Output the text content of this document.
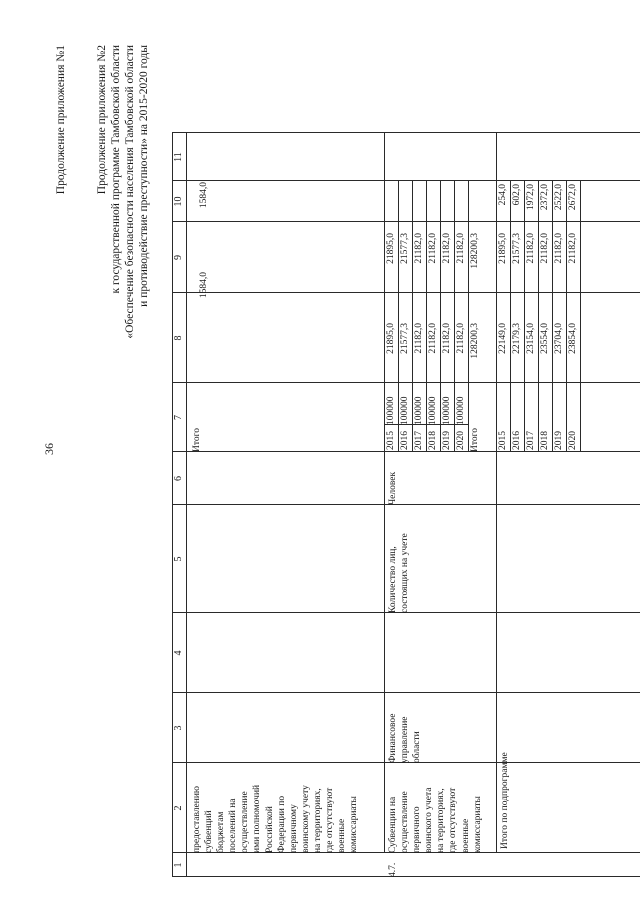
36
Продолжение приложения №1	Продолжение приложения №2 к государственной программе Тамбовской области «Обеспечение безопасности населения Тамбовской области и противодействие преступности» на 2015-2020 годы
1
2
3
4
5
6
7
8
9
10
11
предоставлению субвенций бюджетам поселений на осуществление ими полномочий Российской Федерации по первичному воинскому учету на территориях, где отсутствуют военные комиссариаты
Итого
1584,0
1584,0
4.7.
Субвенции на осуществление первичного воинского учета на территориях, где отсутствуют военные комиссариаты
Финансовое управление области
Количество лиц, состоящих на учете
Человек
2015
100000
21895,0
21895,0
2016
100000
21577,3
21577,3
2017
100000
21182,0
21182,0
2018
100000
21182,0
21182,0
2019
100000
21182,0
21182,0
2020
100000
21182,0
21182,0
Итого
128200,3
128200,3
Итого по подпрограмме
2015
22149,0
21895,0
254,0
2016
22179,3
21577,3
602,0
2017
23154,0
21182,0
1972,0
2018
23554,0
21182,0
2372,0
2019
23704,0
21182,0
2522,0
2020
23854,0
21182,0
2672,0
